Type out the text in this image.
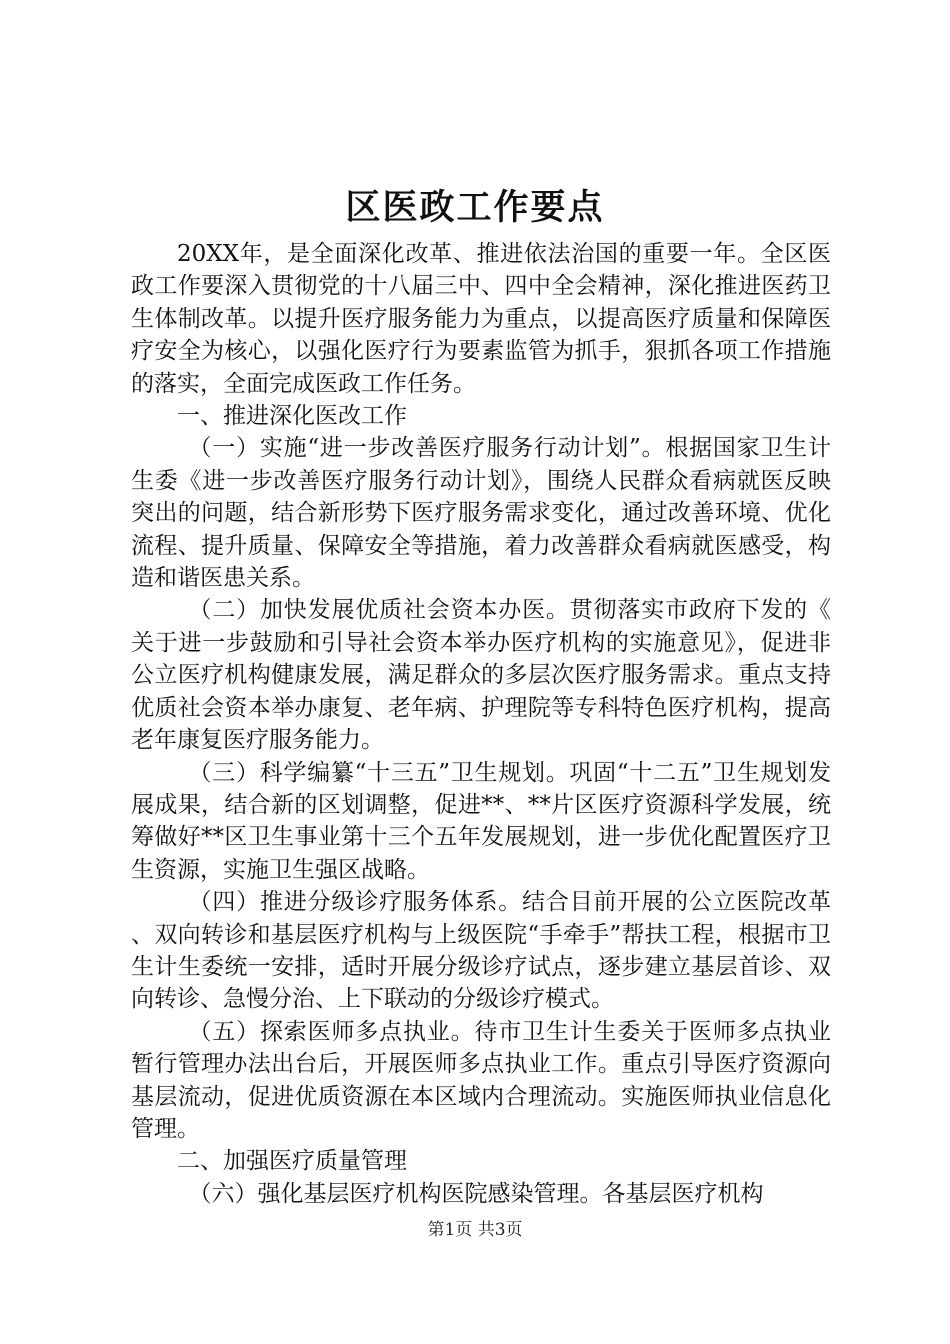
区医政工作要点

20XX年，是全面深化改革、推进依法治国的重要一年。全区医政工作要深入贯彻党的十八届三中、四中全会精神，深化推进医药卫生体制改革。以提升医疗服务能力为重点，以提高医疗质量和保障医疗安全为核心，以强化医疗行为要素监管为抓手，狠抓各项工作措施的落实，全面完成医政工作任务。

一、推进深化医改工作

（一）实施“进一步改善医疗服务行动计划”。根据国家卫生计生委《进一步改善医疗服务行动计划》，围绕人民群众看病就医反映突出的问题，结合新形势下医疗服务需求变化，通过改善环境、优化流程、提升质量、保障安全等措施，着力改善群众看病就医感受，构造和谐医患关系。

（二）加快发展优质社会资本办医。贯彻落实市政府下发的《关于进一步鼓励和引导社会资本举办医疗机构的实施意见》，促进非公立医疗机构健康发展，满足群众的多层次医疗服务需求。重点支持优质社会资本举办康复、老年病、护理院等专科特色医疗机构，提高老年康复医疗服务能力。

（三）科学编纂“十三五”卫生规划。巩固“十二五”卫生规划发展成果，结合新的区划调整，促进**、**片区医疗资源科学发展，统筹做好**区卫生事业第十三个五年发展规划，进一步优化配置医疗卫生资源，实施卫生强区战略。

（四）推进分级诊疗服务体系。结合目前开展的公立医院改革、双向转诊和基层医疗机构与上级医院“手牵手”帮扶工程，根据市卫生计生委统一安排，适时开展分级诊疗试点，逐步建立基层首诊、双向转诊、急慢分治、上下联动的分级诊疗模式。

（五）探索医师多点执业。待市卫生计生委关于医师多点执业暂行管理办法出台后，开展医师多点执业工作。重点引导医疗资源向基层流动，促进优质资源在本区域内合理流动。实施医师执业信息化管理。

二、加强医疗质量管理

（六）强化基层医疗机构医院感染管理。各基层医疗机构

第1页 共3页
